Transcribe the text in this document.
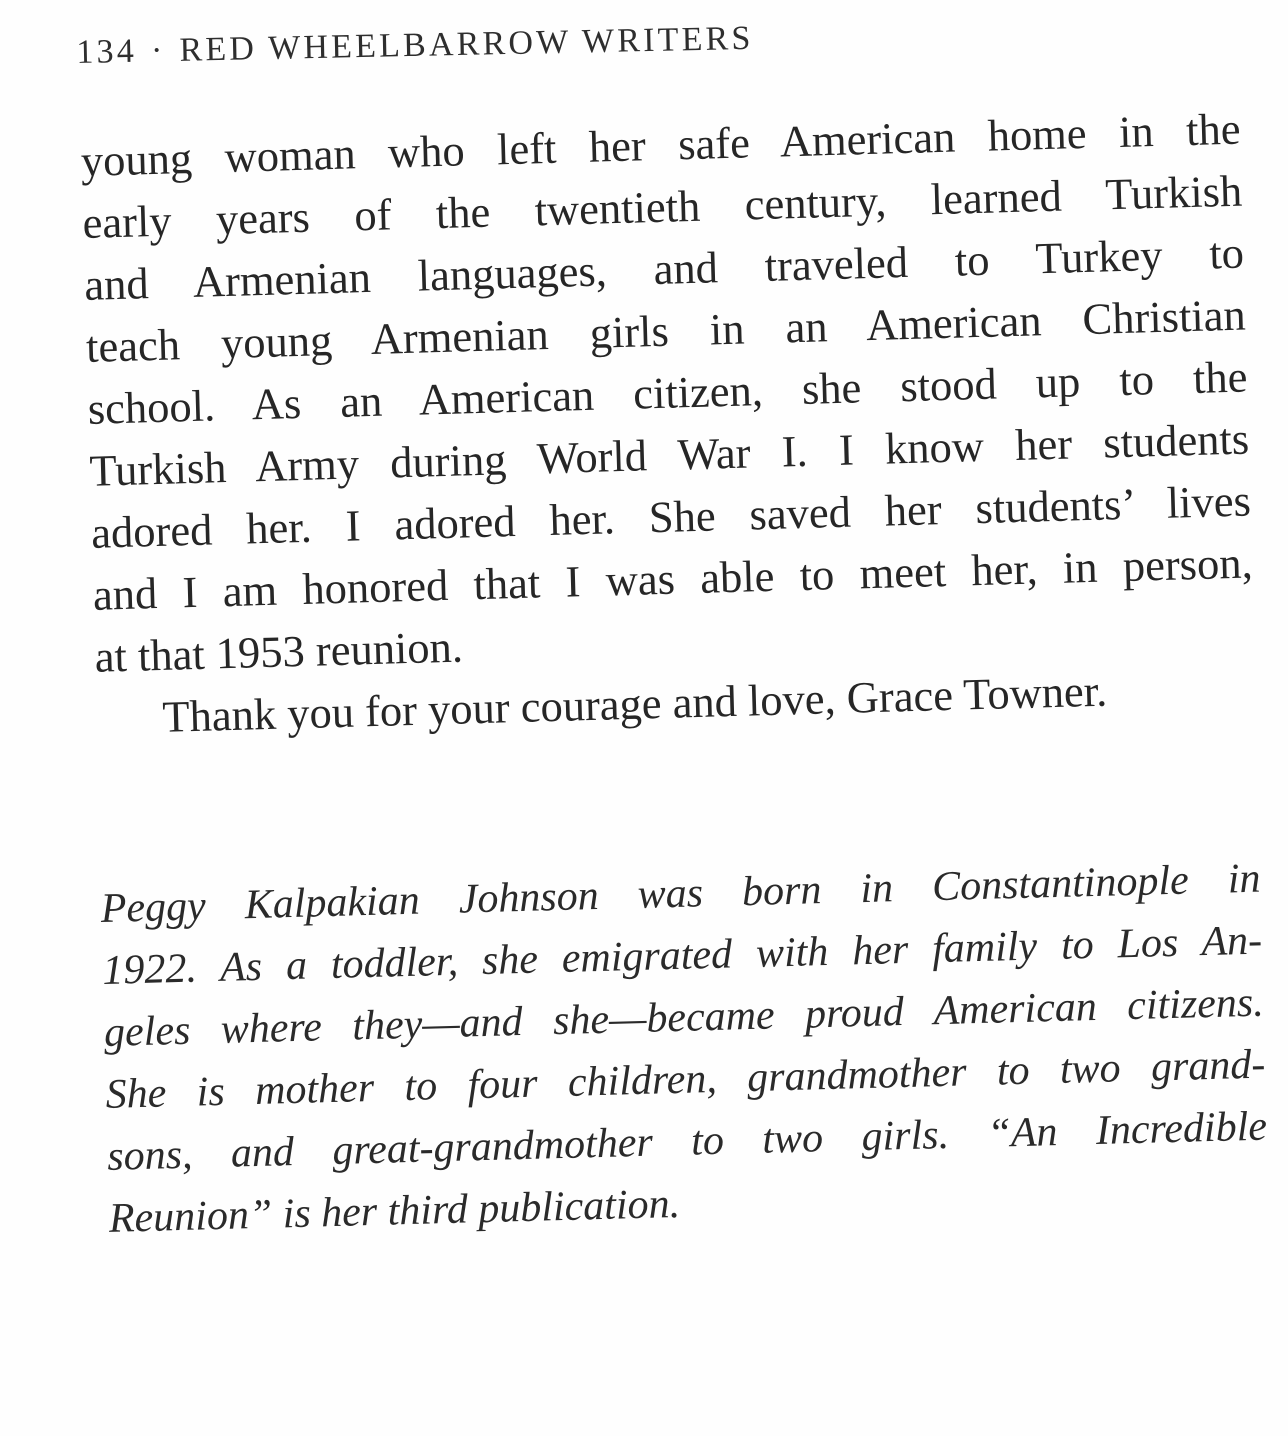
134 · RED WHEELBARROW WRITERS
young woman who left her safe American home in the
early years of the twentieth century, learned Turkish
and Armenian languages, and traveled to Turkey to
teach young Armenian girls in an American Christian
school. As an American citizen, she stood up to the
Turkish Army during World War I. I know her students
adored her. I adored her. She saved her students’ lives
and I am honored that I was able to meet her, in person,
at that 1953 reunion.
Thank you for your courage and love, Grace Towner.
Peggy Kalpakian Johnson was born in Constantinople in
1922. As a toddler, she emigrated with her family to Los An-
geles where they—and she—became proud American citizens.
She is mother to four children, grandmother to two grand-
sons, and great-grandmother to two girls. “An Incredible
Reunion” is her third publication.
